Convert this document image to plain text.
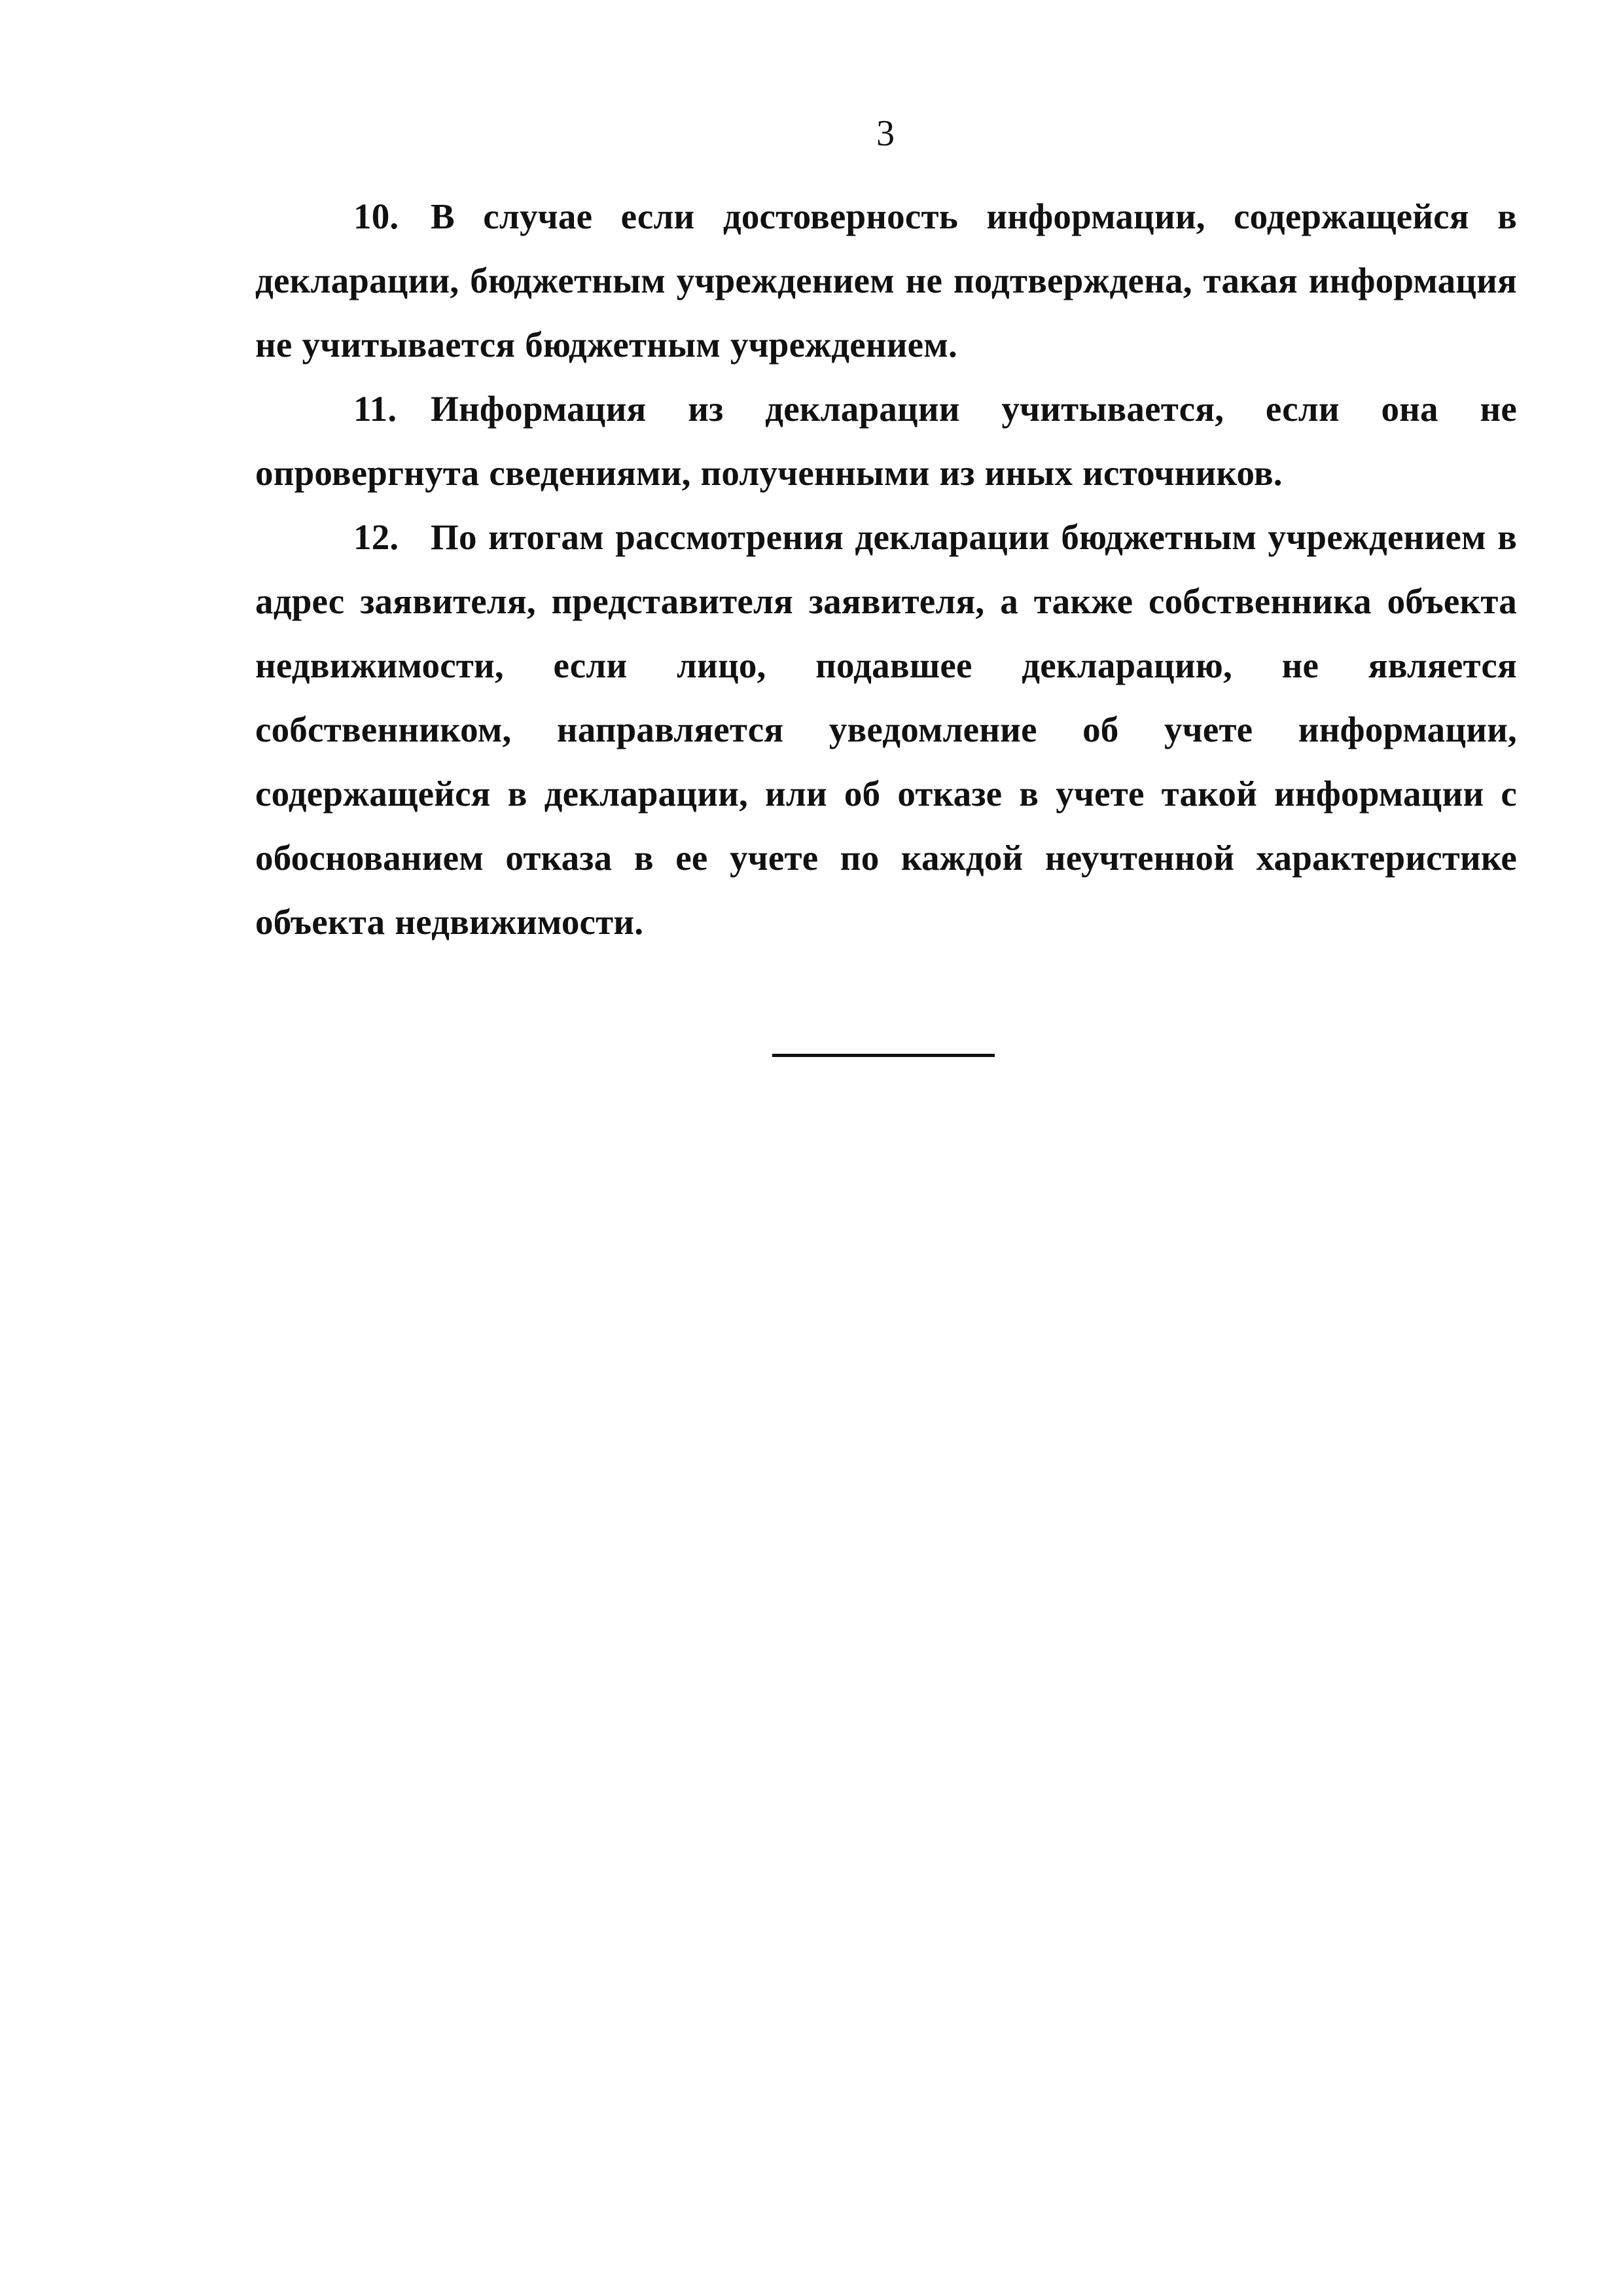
3

10. В случае если достоверность информации, содержащейся в декларации, бюджетным учреждением не подтверждена, такая информация не учитывается бюджетным учреждением.

11. Информация из декларации учитывается, если она не опровергнута сведениями, полученными из иных источников.

12. По итогам рассмотрения декларации бюджетным учреждением в адрес заявителя, представителя заявителя, а также собственника объекта недвижимости, если лицо, подавшее декларацию, не является собственником, направляется уведомление об учете информации, содержащейся в декларации, или об отказе в учете такой информации с обоснованием отказа в ее учете по каждой неучтенной характеристике объекта недвижимости.
